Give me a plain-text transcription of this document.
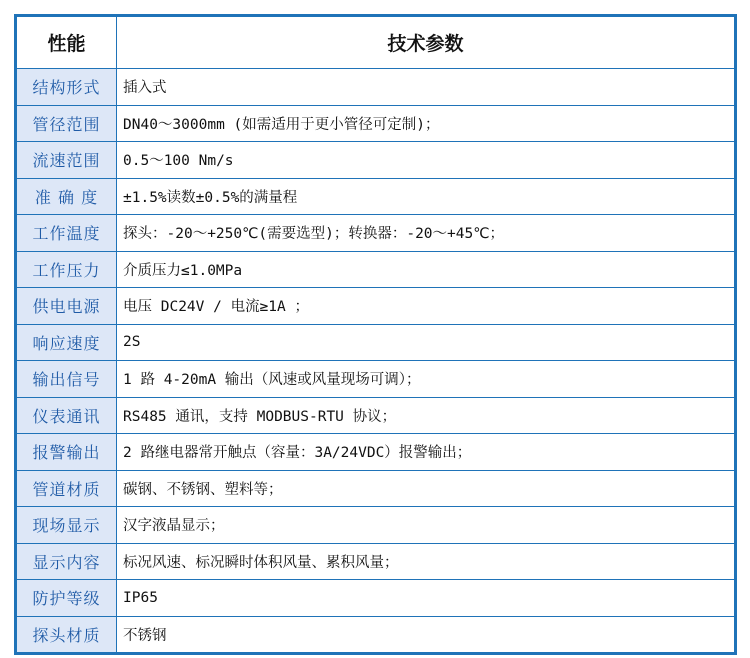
性能	技术参数
结构形式	插入式
管径范围	DN40～3000mm (如需适用于更小管径可定制)；
流速范围	0.5～100 Nm/s
准 确 度	±1.5%读数±0.5%的满量程
工作温度	探头：-20～+250℃(需要选型)；转换器：-20～+45℃；
工作压力	介质压力≤1.0MPa
供电电源	电压 DC24V / 电流≥1A ；
响应速度	2S
输出信号	1 路 4-20mA 输出（风速或风量现场可调）；
仪表通讯	RS485 通讯，支持 MODBUS-RTU 协议；
报警输出	2 路继电器常开触点（容量：3A/24VDC）报警输出；
管道材质	碳钢、不锈钢、塑料等；
现场显示	汉字液晶显示；
显示内容	标况风速、标况瞬时体积风量、累积风量；
防护等级	IP65
探头材质	不锈钢
